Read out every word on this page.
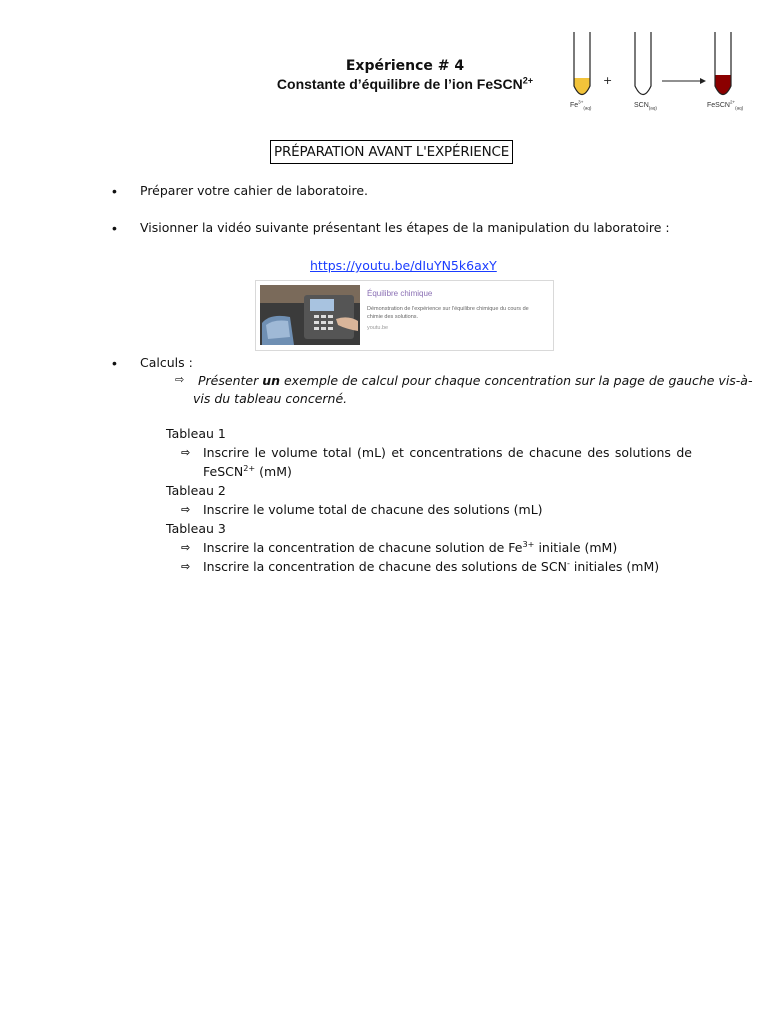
Expérience # 4
Constante d’équilibre de l’ion FeSCN$^{2+}$	+
$Fe^{3+}_{(aq)}$	$SCN_{(aq)}$	FeSCN$^{2+}_{(aq)}$
PRÉPARATION AVANT L'EXPÉRIENCE
• Préparer votre cahier de laboratoire.
• Visionner la vidéo suivante présentant les étapes de la manipulation du laboratoire :
https://youtu.be/dIuYN5k6axY
Équilibre chimique
Démonstration de l'expérience sur l'équilibre chimique du cours de chimie des solutions.
youtu.be
• Calculs :
⇨ Présenter un exemple de calcul pour chaque concentration sur la page de gauche vis-à-
vis du tableau concerné.
Tableau 1
⇨ Inscrire le volume total (mL) et concentrations de chacune des solutions de
FeSCN$^{2+}$ (mM)
Tableau 2
⇨ Inscrire le volume total de chacune des solutions (mL)
Tableau 3
⇨ Inscrire la concentration de chacune solution de $Fe^{3+}$ initiale (mM)
⇨ Inscrire la concentration de chacune des solutions de SCN- initiales (mM)
